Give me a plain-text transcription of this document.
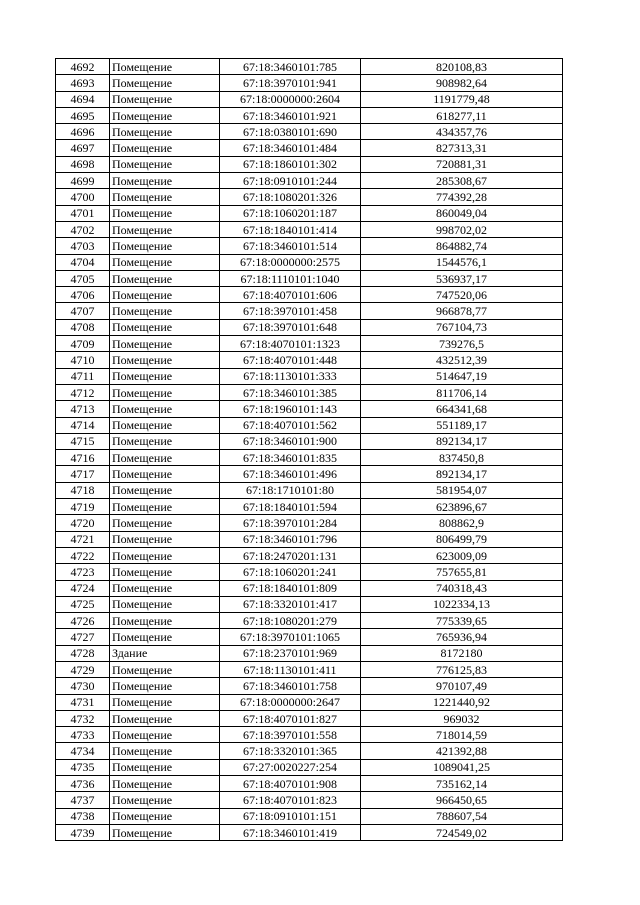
4692	Помещение	67:18:3460101:785	820108,83
4693	Помещение	67:18:3970101:941	908982,64
4694	Помещение	67:18:0000000:2604	1191779,48
4695	Помещение	67:18:3460101:921	618277,11
4696	Помещение	67:18:0380101:690	434357,76
4697	Помещение	67:18:3460101:484	827313,31
4698	Помещение	67:18:1860101:302	720881,31
4699	Помещение	67:18:0910101:244	285308,67
4700	Помещение	67:18:1080201:326	774392,28
4701	Помещение	67:18:1060201:187	860049,04
4702	Помещение	67:18:1840101:414	998702,02
4703	Помещение	67:18:3460101:514	864882,74
4704	Помещение	67:18:0000000:2575	1544576,1
4705	Помещение	67:18:1110101:1040	536937,17
4706	Помещение	67:18:4070101:606	747520,06
4707	Помещение	67:18:3970101:458	966878,77
4708	Помещение	67:18:3970101:648	767104,73
4709	Помещение	67:18:4070101:1323	739276,5
4710	Помещение	67:18:4070101:448	432512,39
4711	Помещение	67:18:1130101:333	514647,19
4712	Помещение	67:18:3460101:385	811706,14
4713	Помещение	67:18:1960101:143	664341,68
4714	Помещение	67:18:4070101:562	551189,17
4715	Помещение	67:18:3460101:900	892134,17
4716	Помещение	67:18:3460101:835	837450,8
4717	Помещение	67:18:3460101:496	892134,17
4718	Помещение	67:18:1710101:80	581954,07
4719	Помещение	67:18:1840101:594	623896,67
4720	Помещение	67:18:3970101:284	808862,9
4721	Помещение	67:18:3460101:796	806499,79
4722	Помещение	67:18:2470201:131	623009,09
4723	Помещение	67:18:1060201:241	757655,81
4724	Помещение	67:18:1840101:809	740318,43
4725	Помещение	67:18:3320101:417	1022334,13
4726	Помещение	67:18:1080201:279	775339,65
4727	Помещение	67:18:3970101:1065	765936,94
4728	Здание	67:18:2370101:969	8172180
4729	Помещение	67:18:1130101:411	776125,83
4730	Помещение	67:18:3460101:758	970107,49
4731	Помещение	67:18:0000000:2647	1221440,92
4732	Помещение	67:18:4070101:827	969032
4733	Помещение	67:18:3970101:558	718014,59
4734	Помещение	67:18:3320101:365	421392,88
4735	Помещение	67:27:0020227:254	1089041,25
4736	Помещение	67:18:4070101:908	735162,14
4737	Помещение	67:18:4070101:823	966450,65
4738	Помещение	67:18:0910101:151	788607,54
4739	Помещение	67:18:3460101:419	724549,02
